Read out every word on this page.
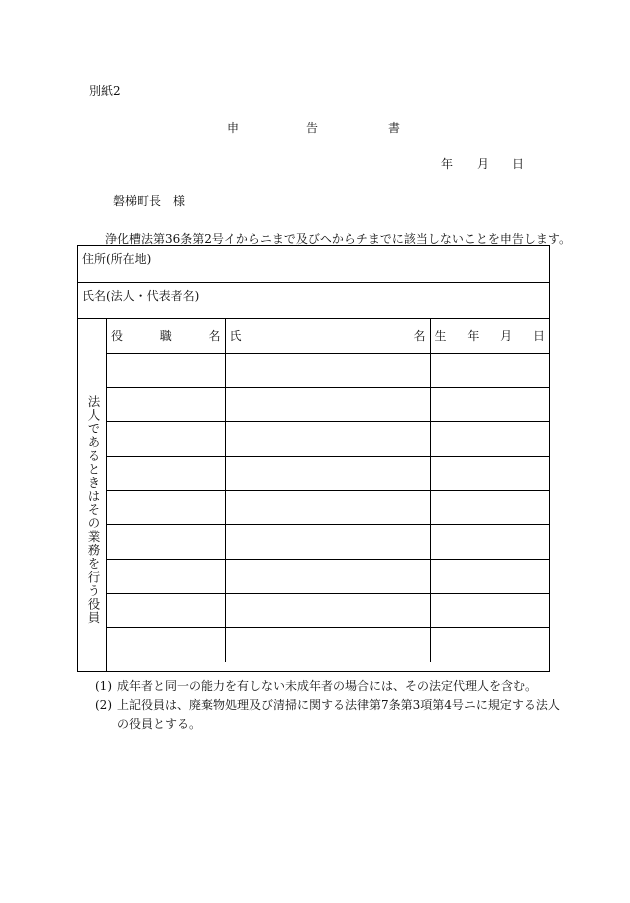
別紙2
申	告	書
年 月 日
磐梯町長　様
浄化槽法第36条第2号イからニまで及びヘからチまでに該当しないことを申告します。
住所(所在地)
氏名(法人・代表者名)
法人であるときはその業務を行う役員
役 職 名	氏 名	生 年 月 日

(1) 成年者と同一の能力を有しない未成年者の場合には、その法定代理人を含む。
(2) 上記役員は、廃棄物処理及び清掃に関する法律第7条第3項第4号ニに規定する法人
の役員とする。
